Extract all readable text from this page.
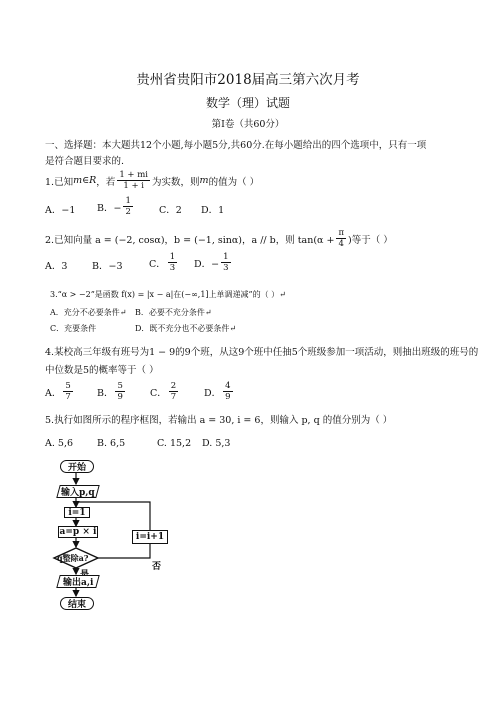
贵州省贵阳市2018届高三第六次月考
数学（理）试题
第Ⅰ卷（共60分）
一、选择题：本大题共12个小题,每小题5分,共60分.在每小题给出的四个选项中，只有一项
是符合题目要求的.
1.已知 m ∈ R ，若 $\frac{1 + mi}{1 + i}$ 为实数，则 m 的值为（ ）
A．−1 B．− $\frac{1}{2}$	C．2 D．1
2.已知向量 a = (−2, cosα)，b = (−1, sinα)，a // b，则 $\tan(\alpha + \frac{\pi}{4}$ )等于（ ）
A．3	B．−3	C． $\frac{1}{3}$ D．− $\frac{1}{3}$
3.“α > −2”是函数 f(x) = |x − a|在(−∞,1]上单调递减”的（ ）↵
A．充分不必要条件↵ B．必要不充分条件↵
C．充要条件	D．既不充分也不必要条件↵
4.某校高三年级有班号为1 − 9的9个班，从这9个班中任抽5个班级参加一项活动，则抽出班级的班号的
中位数是5的概率等于（ ）
A． $\frac{5}{7}$	B． $\frac{5}{9}$	C． $\frac{2}{7}$	D． $\frac{4}{9}$
5.执行如图所示的程序框图，若输出 a = 30, i = 6，则输入 p, q 的值分别为（ ）
A. 5,6	B. 6,5	C. 15,2 D. 5,3
开始
输入p,q
i=1
a=p × i
q整除a?
i=i+1
否
输出a,i
结束
